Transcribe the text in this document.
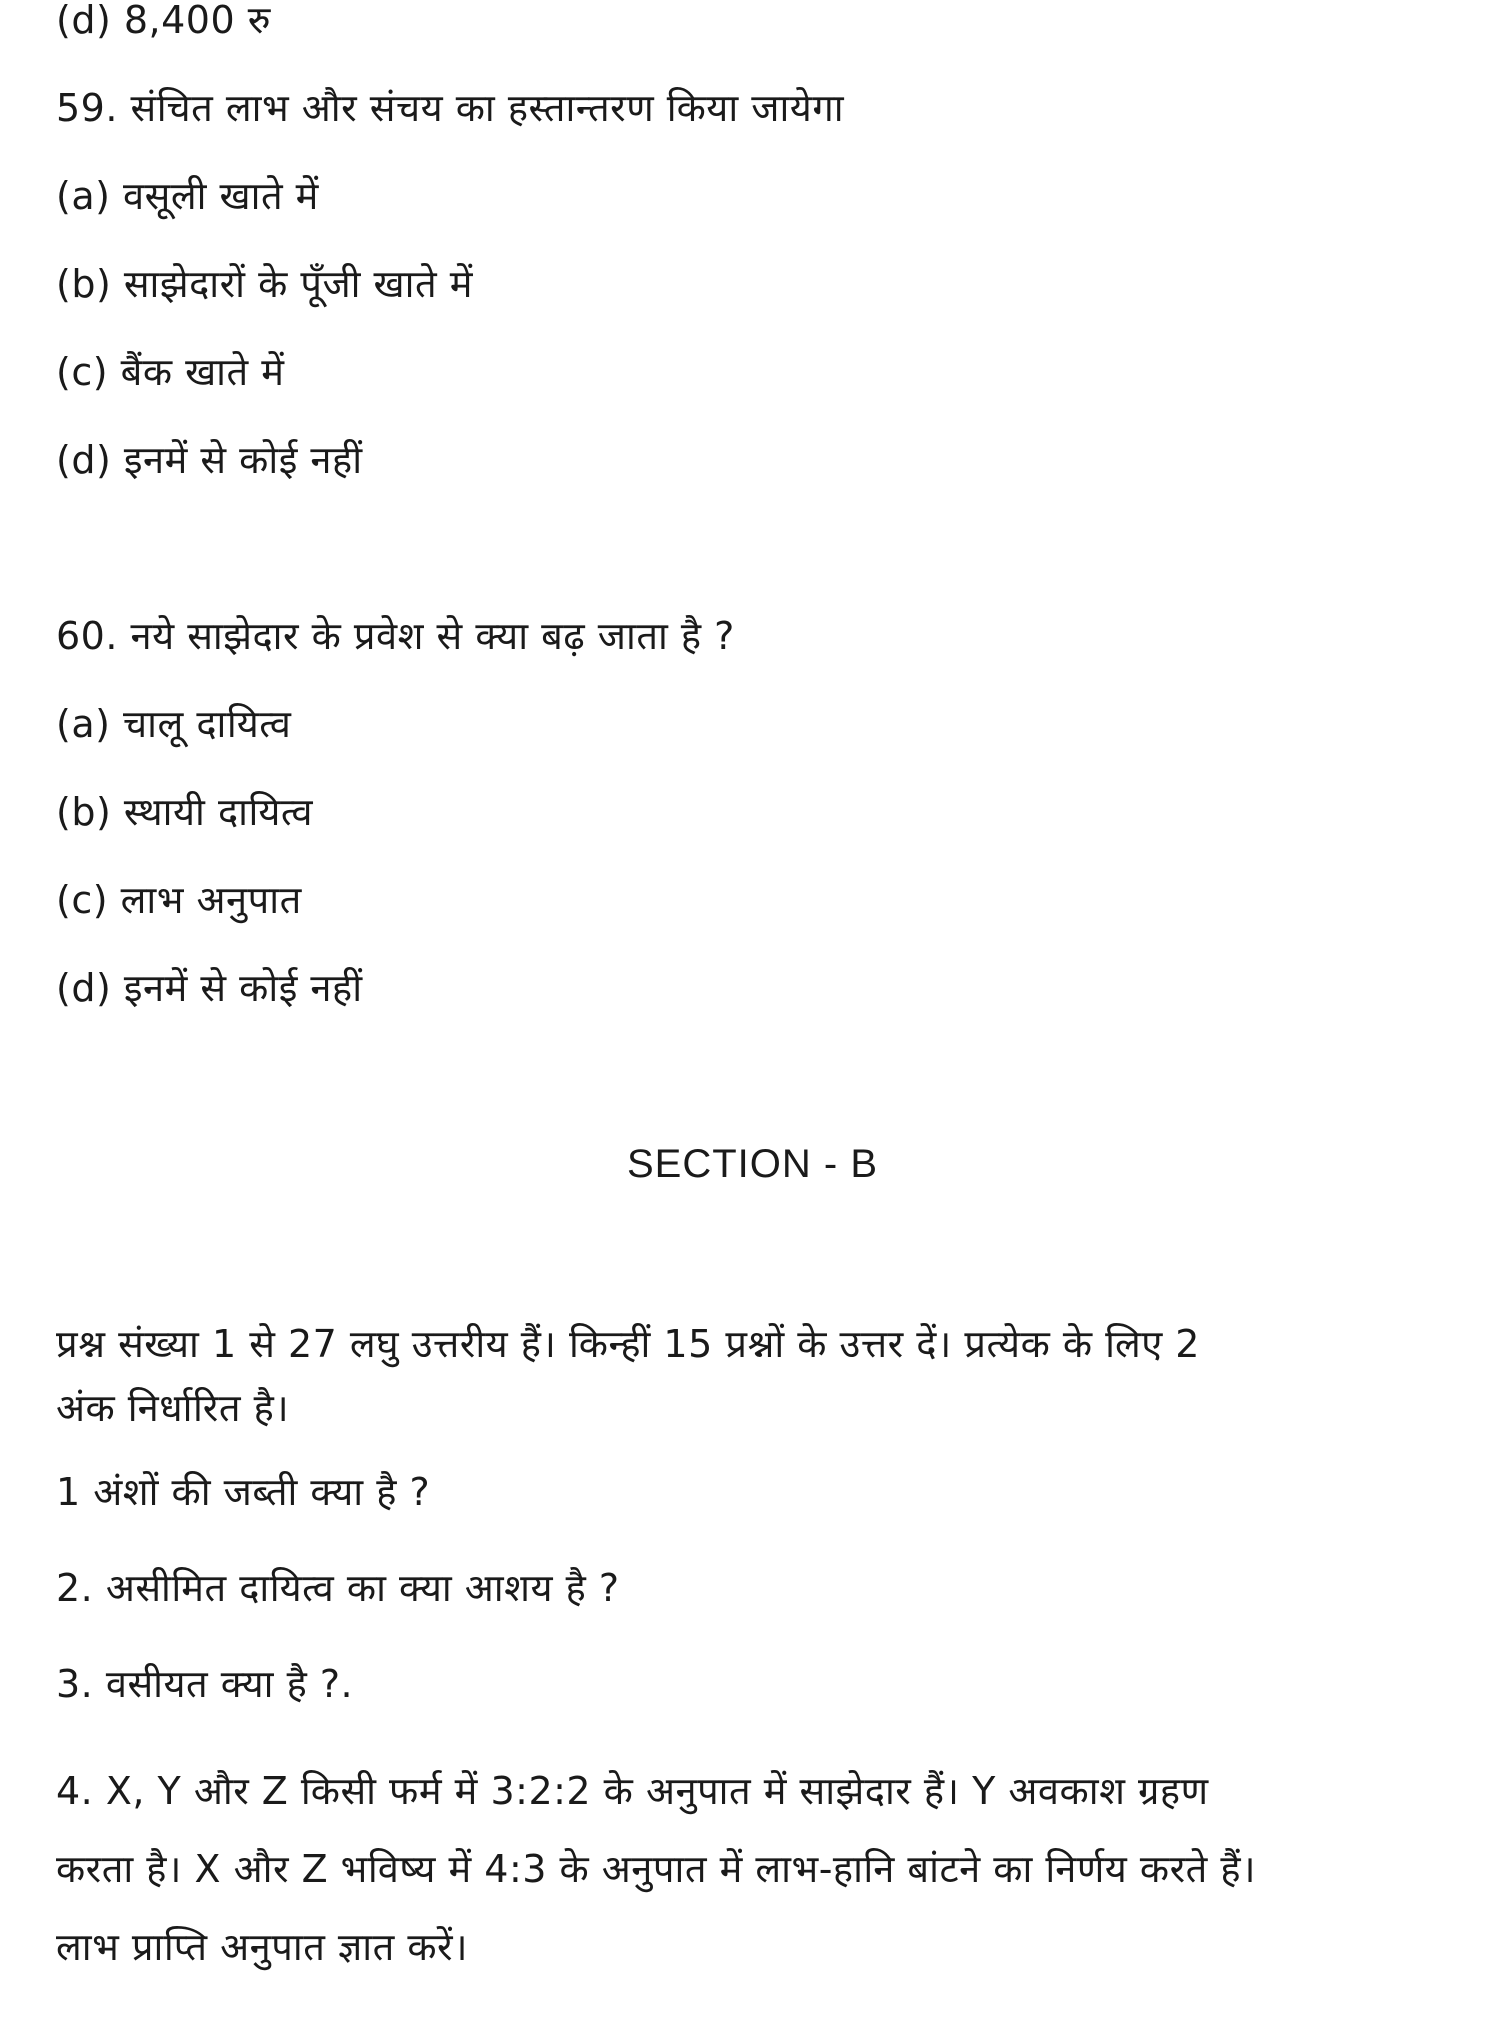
(d) 8,400 रु
59. संचित लाभ और संचय का हस्तान्तरण किया जायेगा
(a) वसूली खाते में
(b) साझेदारों के पूँजी खाते में
(c) बैंक खाते में
(d) इनमें से कोई नहीं
60. नये साझेदार के प्रवेश से क्या बढ़ जाता है ?
(a) चालू दायित्व
(b) स्थायी दायित्व
(c) लाभ अनुपात
(d) इनमें से कोई नहीं
SECTION - B
प्रश्न संख्या 1 से 27 लघु उत्तरीय हैं। किन्हीं 15 प्रश्नों के उत्तर दें। प्रत्येक के लिए 2
अंक निर्धारित है।
1 अंशों की जब्ती क्या है ?
2. असीमित दायित्व का क्या आशय है ?
3. वसीयत क्या है ?.
4. X, Y और Z किसी फर्म में 3:2:2 के अनुपात में साझेदार हैं। Y अवकाश ग्रहण
करता है। X और Z भविष्य में 4:3 के अनुपात में लाभ-हानि बांटने का निर्णय करते हैं।
लाभ प्राप्ति अनुपात ज्ञात करें।
